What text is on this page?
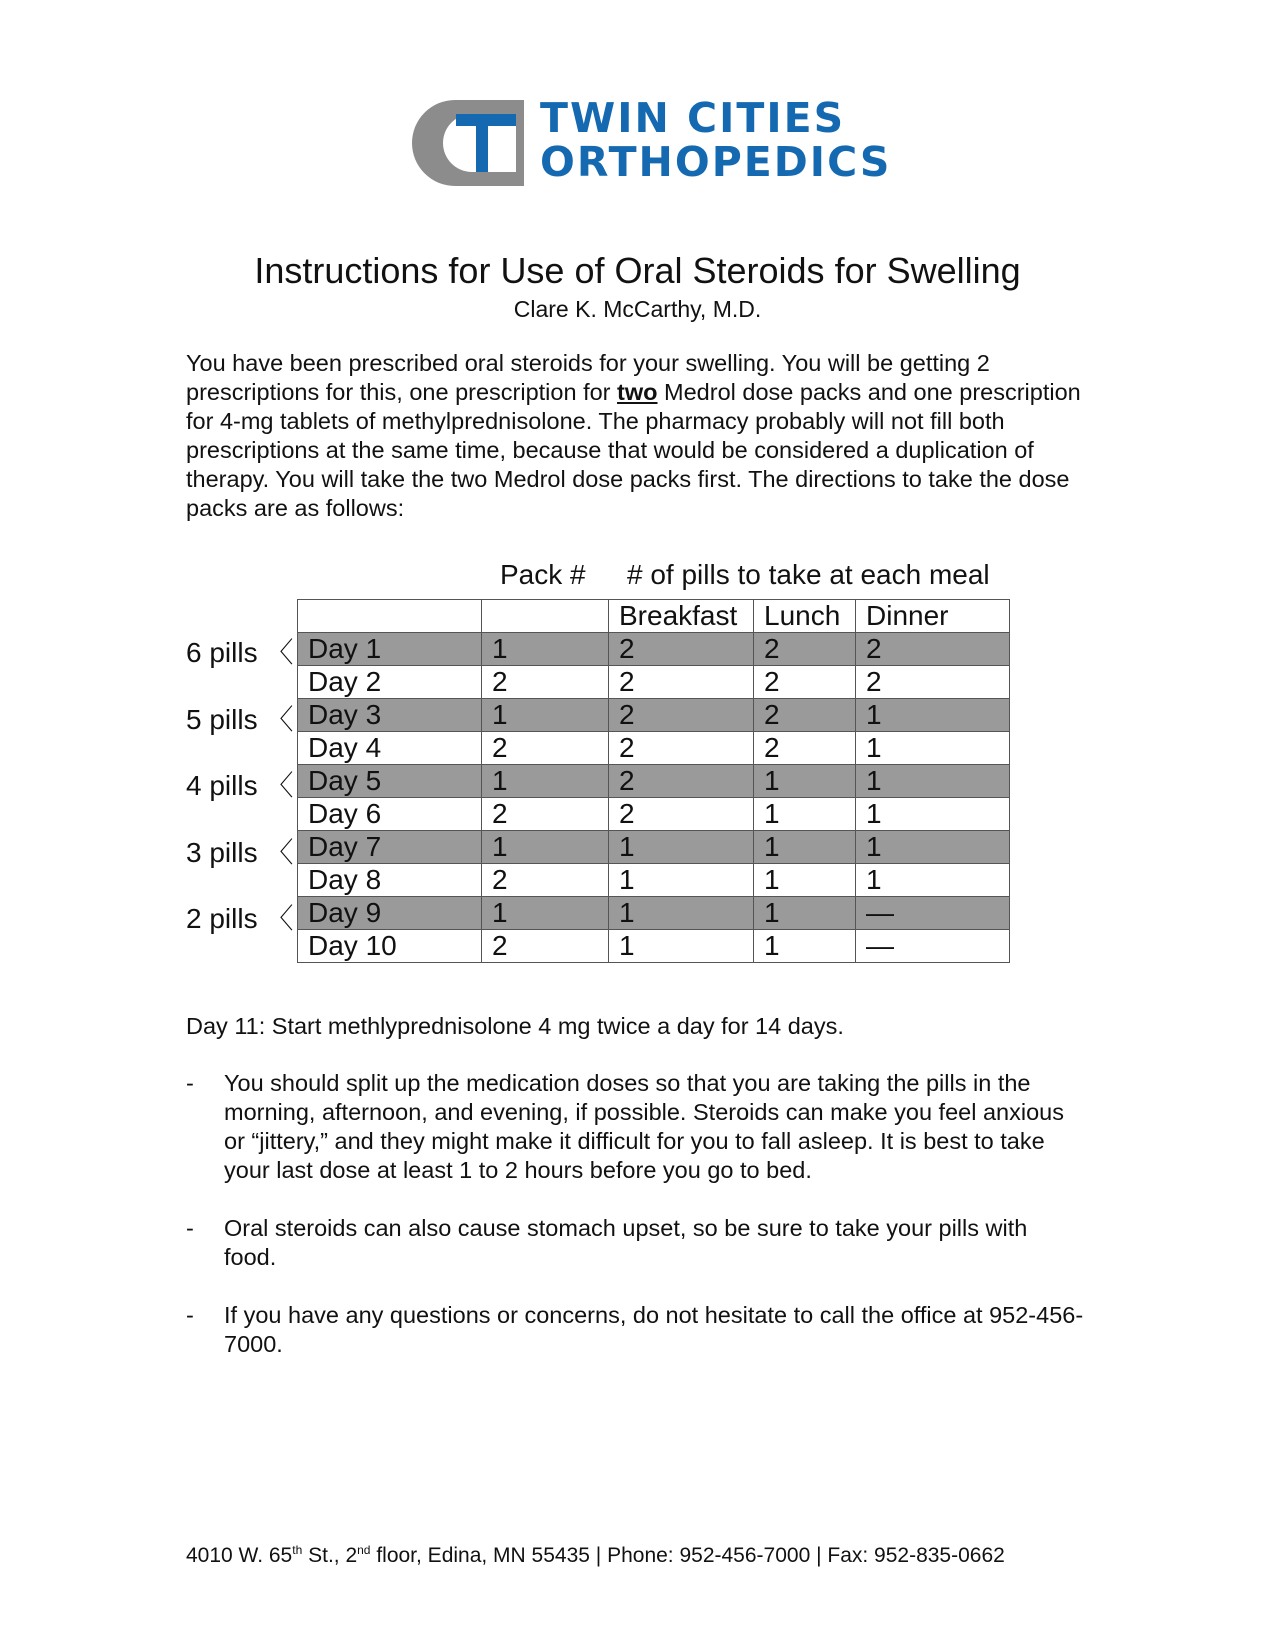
TWIN CITIES
ORTHOPEDICS
Instructions for Use of Oral Steroids for Swelling
Clare K. McCarthy, M.D.

You have been prescribed oral steroids for your swelling. You will be getting 2 prescriptions for this, one prescription for two Medrol dose packs and one prescription for 4-mg tablets of methylprednisolone. The pharmacy probably will not fill both prescriptions at the same time, because that would be considered a duplication of therapy. You will take the two Medrol dose packs first. The directions to take the dose packs are as follows:

Pack # # of pills to take at each meal
		Breakfast	Lunch	Dinner
Day 1	1	2	2	2
Day 2	2	2	2	2
Day 3	1	2	2	1
Day 4	2	2	2	1
Day 5	1	2	1	1
Day 6	2	2	1	1
Day 7	1	1	1	1
Day 8	2	1	1	1
Day 9	1	1	1	—
Day 10	2	1	1	—
6 pills 〈
5 pills 〈
4 pills 〈
3 pills 〈
2 pills 〈
Day 11: Start methlyprednisolone 4 mg twice a day for 14 days.
- You should split up the medication doses so that you are taking the pills in the morning, afternoon, and evening, if possible. Steroids can make you feel anxious or “jittery,” and they might make it difficult for you to fall asleep. It is best to take your last dose at least 1 to 2 hours before you go to bed.
- Oral steroids can also cause stomach upset, so be sure to take your pills with food.
- If you have any questions or concerns, do not hesitate to call the office at 952-456-7000.
4010 W. 65th St., 2nd floor, Edina, MN 55435 | Phone: 952-456-7000 | Fax: 952-835-0662
